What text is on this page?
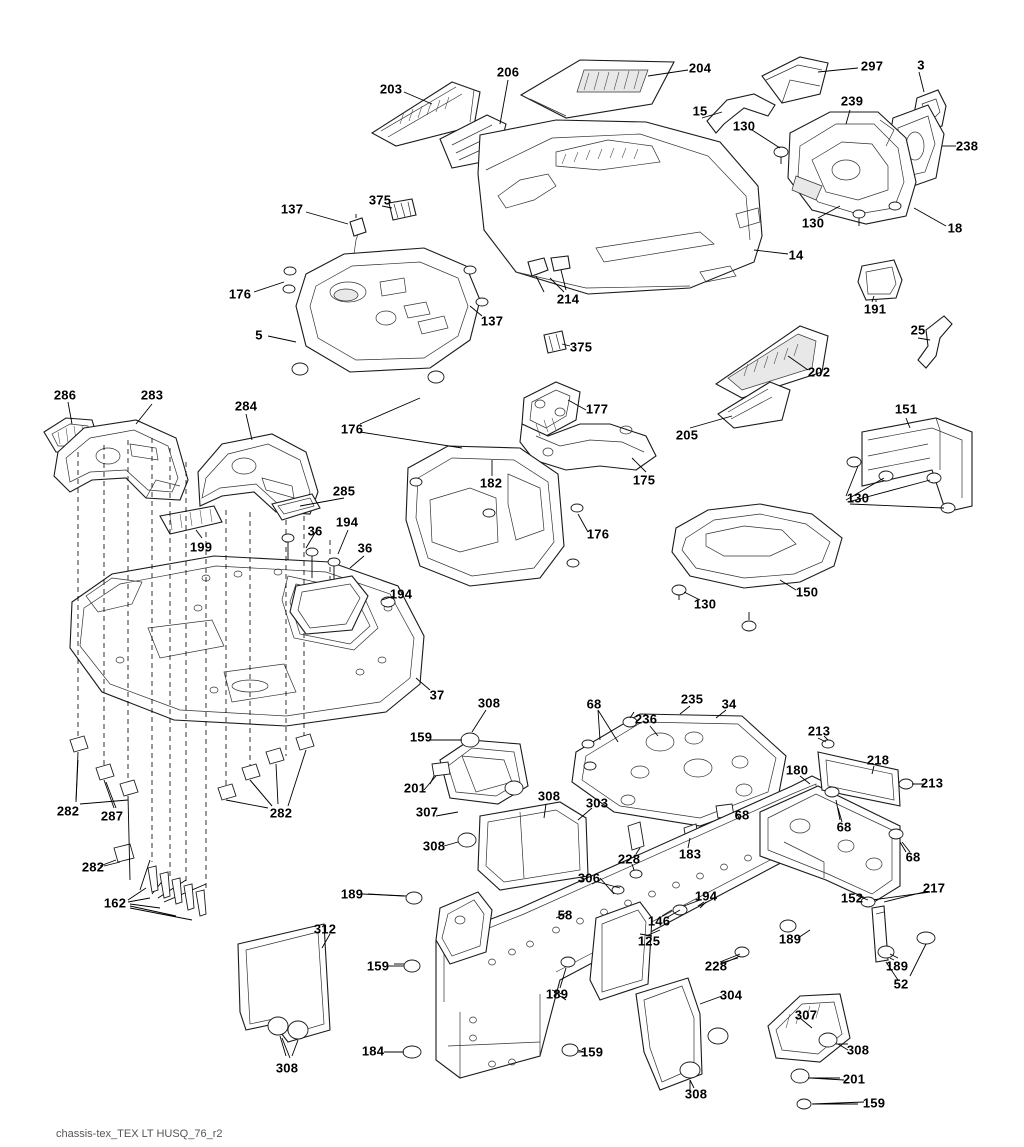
203
206	204	297	3
15
239
130
238
130	18
137
375
14
176
137
214
191
5
375
202
25
286	283
284	177
205
151
176
175
130
285
182
199
36
194
36
176
194	150
130
37
308	68	235 34
236
213
159
218
180
213
201
308 303
68
68
307
308
183
228	68
306
282 287	282
282
162
189	152
217
58	146
194
125	189
312
159	228	189
52
189	304
307
308
184	159	308
308
201
159
chassis-tex_TEX LT HUSQ_76_r2
